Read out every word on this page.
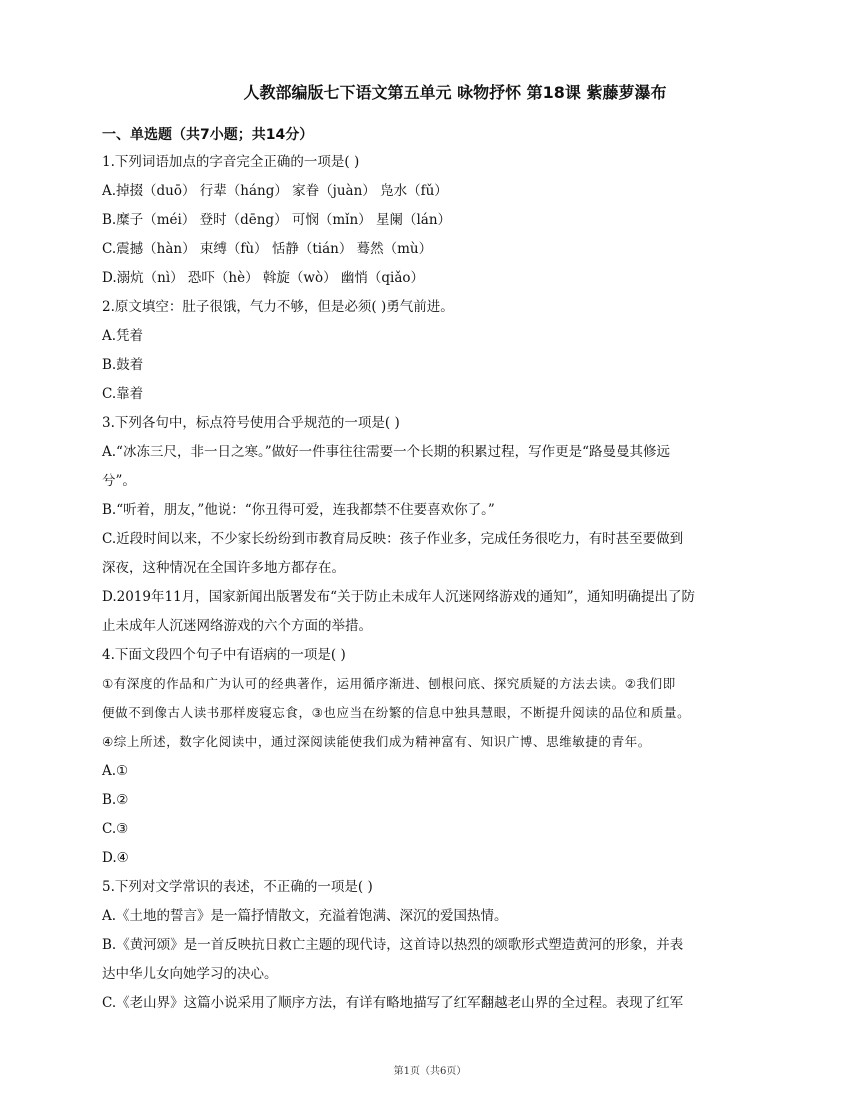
人教部编版七下语文第五单元 咏物抒怀 第18课 紫藤萝瀑布
一、单选题（共7小题；共14分）
1.下列词语加点的字音完全正确的一项是( )
A.掉掇（duō） 行辈（háng） 家眷（juàn） 凫水（fǔ）
B.糜子（méi） 登时（dēng） 可悯（mǐn） 星阑（lán）
C.震撼（hàn） 束缚（fù） 恬静（tián） 蓦然（mù）
D.溺炕（nì） 恐吓（hè） 斡旋（wò） 幽悄（qiǎo）
2.原文填空：肚子很饿，气力不够，但是必须( )勇气前进。
A.凭着
B.鼓着
C.靠着
3.下列各句中，标点符号使用合乎规范的一项是( )
A.“冰冻三尺，非一日之寒。”做好一件事往往需要一个长期的积累过程，写作更是“路曼曼其修远
兮”。
B.“听着，朋友，”他说：“你丑得可爱，连我都禁不住要喜欢你了。”
C.近段时间以来，不少家长纷纷到市教育局反映：孩子作业多，完成任务很吃力，有时甚至要做到
深夜，这种情况在全国许多地方都存在。
D.2019年11月，国家新闻出版署发布“关于防止未成年人沉迷网络游戏的通知”，通知明确提出了防
止未成年人沉迷网络游戏的六个方面的举措。
4.下面文段四个句子中有语病的一项是( )
①有深度的作品和广为认可的经典著作，运用循序渐进、刨根问底、探究质疑的方法去读。②我们即
便做不到像古人读书那样废寝忘食，③也应当在纷繁的信息中独具慧眼，不断提升阅读的品位和质量。
④综上所述，数字化阅读中，通过深阅读能使我们成为精神富有、知识广博、思维敏捷的青年。
A.①
B.②
C.③
D.④
5.下列对文学常识的表述，不正确的一项是( )
A.《土地的誓言》是一篇抒情散文，充溢着饱满、深沉的爱国热情。
B.《黄河颂》是一首反映抗日救亡主题的现代诗，这首诗以热烈的颂歌形式塑造黄河的形象，并表
达中华儿女向她学习的决心。
C.《老山界》这篇小说采用了顺序方法，有详有略地描写了红军翻越老山界的全过程。表现了红军
第1页（共6页）
